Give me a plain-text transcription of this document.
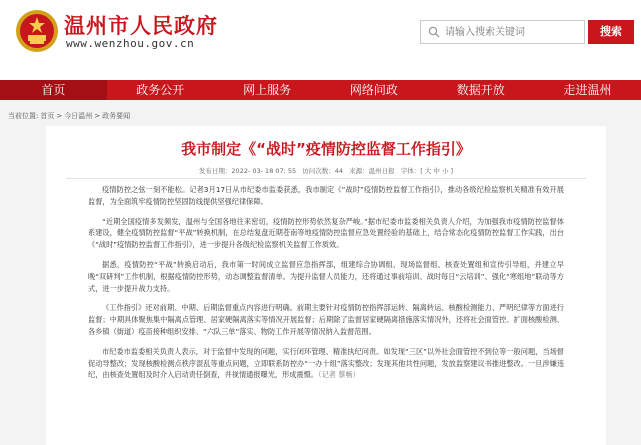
温州市人民政府
www.wenzhou.gov.cn
请输入搜索关键词
搜索
首页	政务公开	网上服务	网络问政	数据开放	走进温州
当前位置: 首页 > 今日温州 > 政务要闻
我市制定《“战时”疫情防控监督工作指引》
发布日期：2022- 03- 18 07: 55 访问次数：44 来源：温州日报 字体：[ 大 中 小 ]

疫情防控之弦一刻不能松。记者3月17日从市纪委市监委获悉，我市制定《“战时”疫情防控监督工作指引》，推动各级纪检监察机关精准有效开展监督，为全面筑牢疫情防控坚固防线提供坚强纪律保障。

“近期全国疫情多发频发，温州与全国各地往来密切，疫情防控形势依然复杂严峻。”据市纪委市监委相关负责人介绍，为加强我市疫情防控监督体系建设，健全疫情防控监督“平战”转换机制，在总结复盘近期苍南等地疫情防控监督应急处置经验的基础上，结合常态化疫情防控监督工作实践，出台《“战时”疫情防控监督工作指引》，进一步提升各级纪检监察机关监督工作质效。

据悉，疫情防控“平战”转换启动后，我市第一时间成立监督应急指挥部，组建综合协调组、现场监督组、核查处置组和宣传引导组，并建立早晚“双研判”工作机制，根据疫情防控形势，动态调整监督清单。为提升监督人员能力，还将通过事前培训、战时每日“云培训”、强化“寒组地”联动等方式，进一步提升战力支持。

《工作指引》还对前期、中期、后期监督重点内容进行明确。前期主要针对疫情防控指挥部运转、隔离转运、核酸检测能力、严明纪律等方面进行监督；中期具体聚焦集中隔离点管理、居家硬隔离落实等情况开展监督；后期除了监督居家硬隔离措施落实情况外，还将社会面管控、扩面核酸检测、各乡镇（街道）疫苗接种组织安排、“六队三单”落实、物防工作开展等情况纳入监督范围。

市纪委市监委相关负责人表示，对于监督中发现的问题，实行闭环管理、精准执纪问责。如发现“三区”以外社会面管控不到位等一般问题，当场督促动导整改；发现核酸检测点秩序混乱等重点问题，立即联系防控办“一办十组”落实整改；发现其他共性问题，发放监察建议书推进整改。一旦涉嫌违纪，由核查处置组及时介入启动责任倒查，并视情通报曝光，形成震慑。（记者 蔡畅）
